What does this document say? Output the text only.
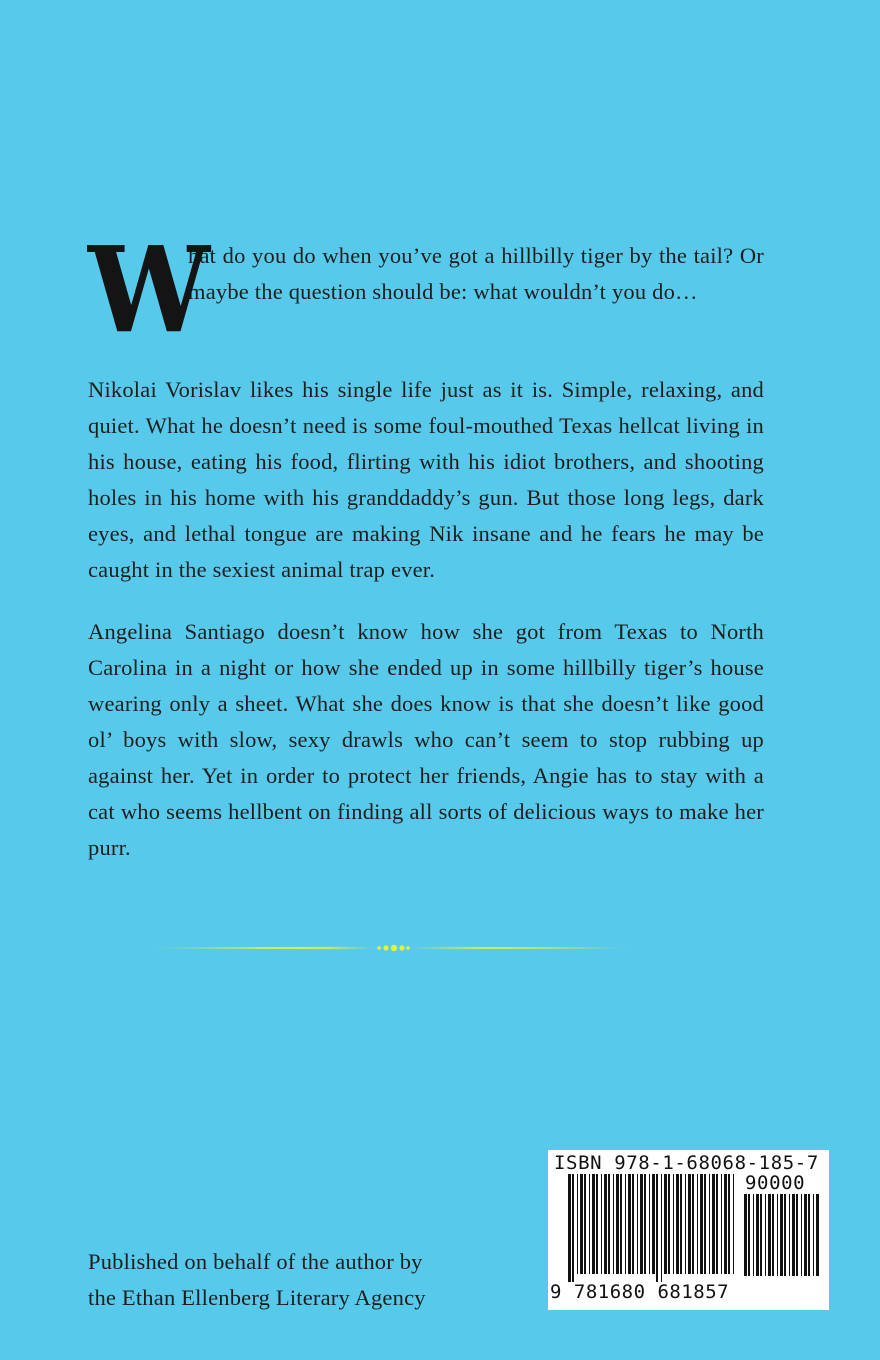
W
hat do you do when you’ve got a hillbilly tiger by the tail? Or maybe the question should be: what wouldn’t you do…

Nikolai Vorislav likes his single life just as it is. Simple, relaxing, and quiet. What he doesn’t need is some foul-mouthed Texas hellcat living in his house, eating his food, flirting with his idiot brothers, and shooting holes in his home with his granddaddy’s gun. But those long legs, dark eyes, and lethal tongue are making Nik insane and he fears he may be caught in the sexiest animal trap ever.

Angelina Santiago doesn’t know how she got from Texas to North Carolina in a night or how she ended up in some hillbilly tiger’s house wearing only a sheet. What she does know is that she doesn’t like good ol’ boys with slow, sexy drawls who can’t seem to stop rubbing up against her. Yet in order to protect her friends, Angie has to stay with a cat who seems hellbent on finding all sorts of delicious ways to make her purr.

ISBN 978-1-68068-185-7
90000
9 781680 681857
Published on behalf of the author by
the Ethan Ellenberg Literary Agency
